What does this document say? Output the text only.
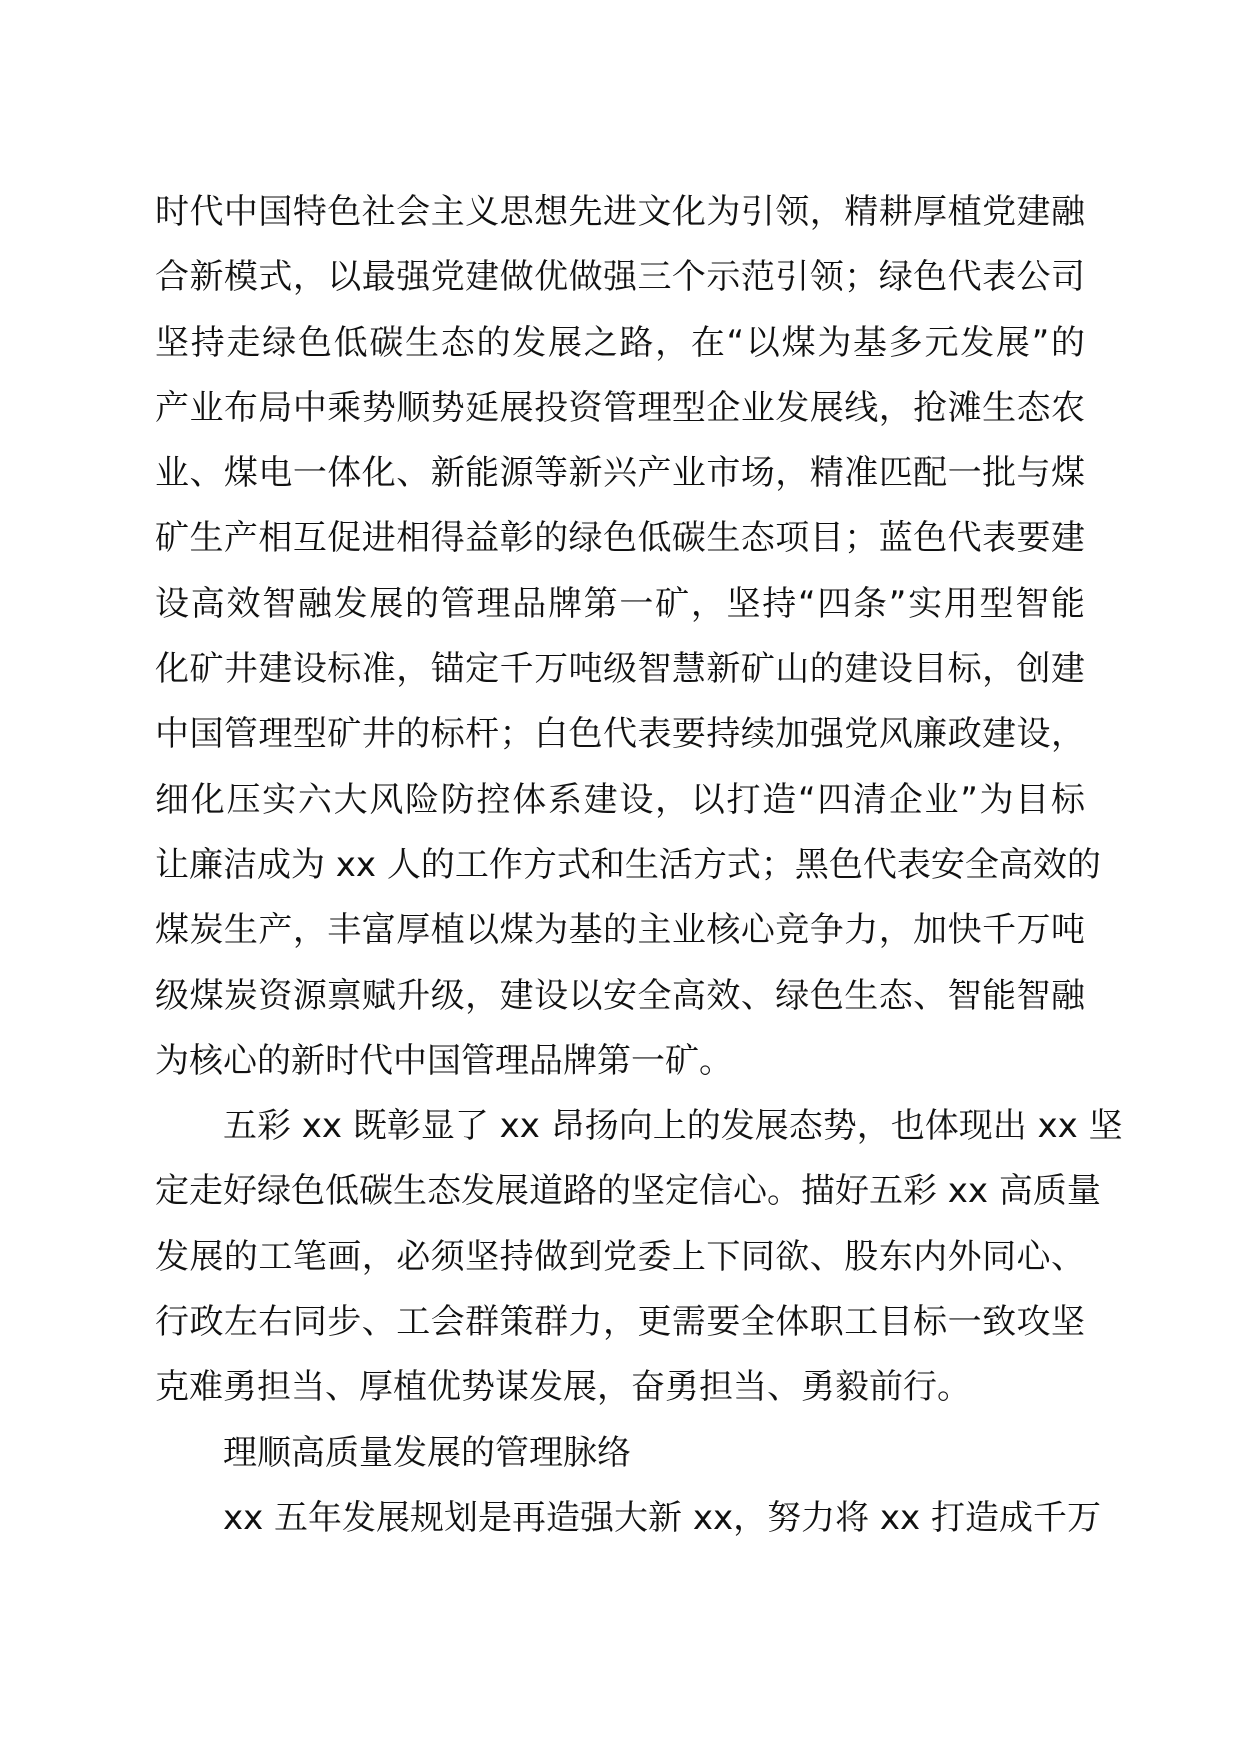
时代中国特色社会主义思想先进文化为引领，精耕厚植党建融
合新模式，以最强党建做优做强三个示范引领；绿色代表公司
坚持走绿色低碳生态的发展之路，在“以煤为基多元发展”的
产业布局中乘势顺势延展投资管理型企业发展线，抢滩生态农
业、煤电一体化、新能源等新兴产业市场，精准匹配一批与煤
矿生产相互促进相得益彰的绿色低碳生态项目；蓝色代表要建
设高效智融发展的管理品牌第一矿，坚持“四条”实用型智能
化矿井建设标准，锚定千万吨级智慧新矿山的建设目标，创建
中国管理型矿井的标杆；白色代表要持续加强党风廉政建设，
细化压实六大风险防控体系建设，以打造“四清企业”为目标
让廉洁成为 xx 人的工作方式和生活方式；黑色代表安全高效的
煤炭生产，丰富厚植以煤为基的主业核心竞争力，加快千万吨
级煤炭资源禀赋升级，建设以安全高效、绿色生态、智能智融
为核心的新时代中国管理品牌第一矿。
五彩 xx 既彰显了 xx 昂扬向上的发展态势，也体现出 xx 坚
定走好绿色低碳生态发展道路的坚定信心。描好五彩 xx 高质量
发展的工笔画，必须坚持做到党委上下同欲、股东内外同心、
行政左右同步、工会群策群力，更需要全体职工目标一致攻坚
克难勇担当、厚植优势谋发展，奋勇担当、勇毅前行。
理顺高质量发展的管理脉络
xx 五年发展规划是再造强大新 xx，努力将 xx 打造成千万
